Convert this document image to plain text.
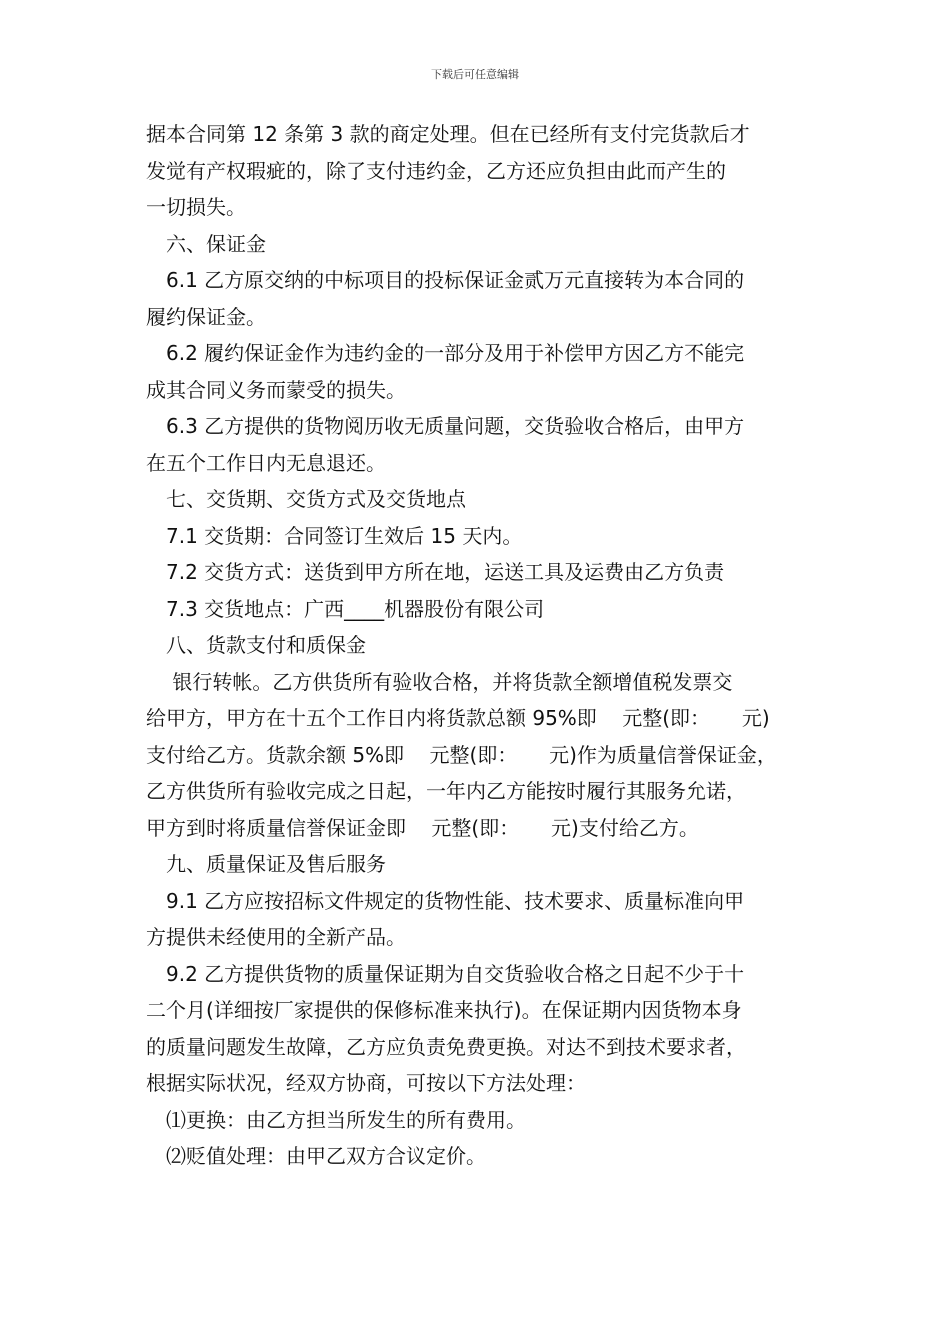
下载后可任意编辑
据本合同第 12 条第 3 款的商定处理。但在已经所有支付完货款后才
发觉有产权瑕疵的，除了支付违约金，乙方还应负担由此而产生的
一切损失。
六、保证金
6.1 乙方原交纳的中标项目的投标保证金贰万元直接转为本合同的
履约保证金。
6.2 履约保证金作为违约金的一部分及用于补偿甲方因乙方不能完
成其合同义务而蒙受的损失。
6.3 乙方提供的货物阅历收无质量问题，交货验收合格后，由甲方
在五个工作日内无息退还。
七、交货期、交货方式及交货地点
7.1 交货期：合同签订生效后 15 天内。
7.2 交货方式：送货到甲方所在地，运送工具及运费由乙方负责
7.3 交货地点：广西____机器股份有限公司
八、货款支付和质保金
银行转帐。乙方供货所有验收合格，并将货款全额增值税发票交
给甲方，甲方在十五个工作日内将货款总额 95%即    元整(即：     元)
支付给乙方。货款余额 5%即    元整(即：     元)作为质量信誉保证金，
乙方供货所有验收完成之日起，一年内乙方能按时履行其服务允诺，
甲方到时将质量信誉保证金即    元整(即：     元)支付给乙方。
九、质量保证及售后服务
9.1 乙方应按招标文件规定的货物性能、技术要求、质量标准向甲
方提供未经使用的全新产品。
9.2 乙方提供货物的质量保证期为自交货验收合格之日起不少于十
二个月(详细按厂家提供的保修标准来执行)。在保证期内因货物本身
的质量问题发生故障，乙方应负责免费更换。对达不到技术要求者，
根据实际状况，经双方协商，可按以下方法处理：
⑴更换：由乙方担当所发生的所有费用。
⑵贬值处理：由甲乙双方合议定价。
